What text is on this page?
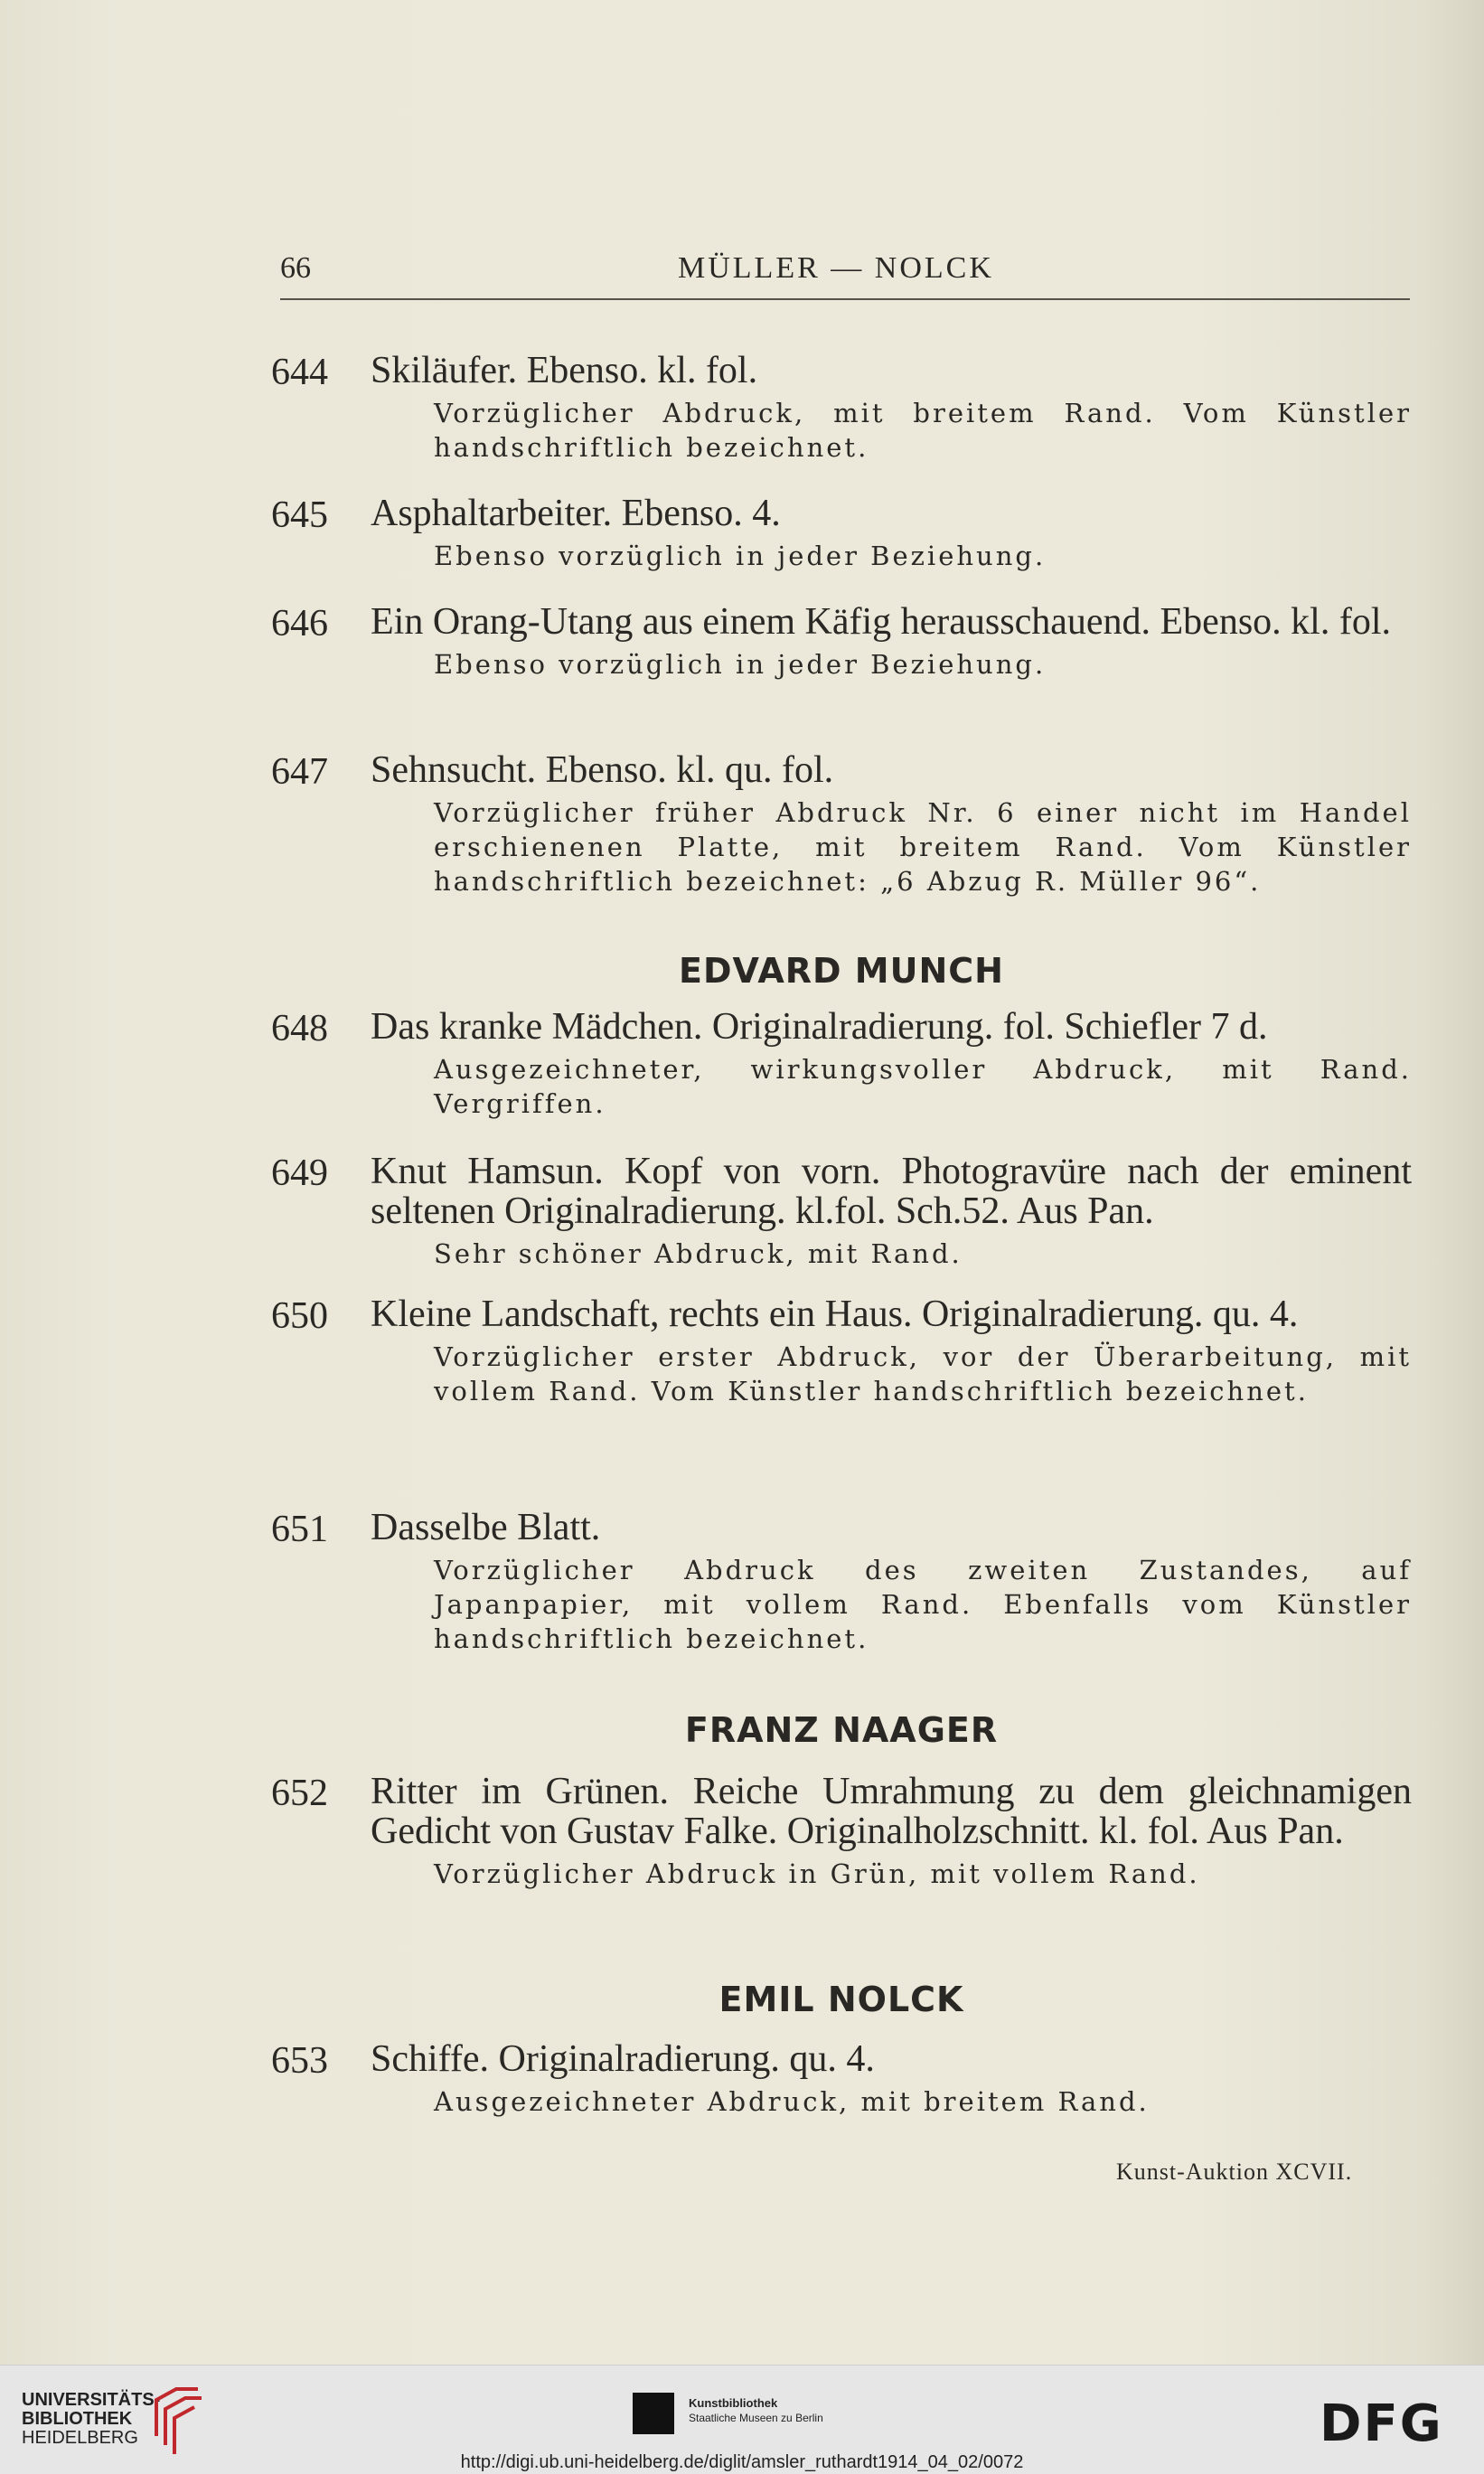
66	MÜLLER — NOLCK
644 Skiläufer. Ebenso. kl. fol.
Vorzüglicher Abdruck, mit breitem Rand. Vom Künstler handschriftlich bezeichnet.
645 Asphaltarbeiter. Ebenso. 4.
Ebenso vorzüglich in jeder Beziehung.
646 Ein Orang-Utang aus einem Käfig herausschauend. Ebenso. kl. fol.
Ebenso vorzüglich in jeder Beziehung.
647 Sehnsucht. Ebenso. kl. qu. fol.
Vorzüglicher früher Abdruck Nr. 6 einer nicht im Handel erschienenen Platte, mit breitem Rand. Vom Künstler handschriftlich bezeichnet: „6 Abzug R. Müller 96“.
EDVARD MUNCH
648 Das kranke Mädchen. Originalradierung. fol. Schiefler 7 d.
Ausgezeichneter, wirkungsvoller Abdruck, mit Rand. Vergriffen.
649 Knut Hamsun. Kopf von vorn. Photogravüre nach der eminent seltenen Originalradierung. kl.fol. Sch.52. Aus Pan.
Sehr schöner Abdruck, mit Rand.
650 Kleine Landschaft, rechts ein Haus. Originalradierung. qu. 4.
Vorzüglicher erster Abdruck, vor der Überarbeitung, mit vollem Rand. Vom Künstler handschriftlich bezeichnet.
651 Dasselbe Blatt.
Vorzüglicher Abdruck des zweiten Zustandes, auf Japanpapier, mit vollem Rand. Ebenfalls vom Künstler handschriftlich bezeichnet.
FRANZ NAAGER
652 Ritter im Grünen. Reiche Umrahmung zu dem gleichnamigen Gedicht von Gustav Falke. Originalholzschnitt. kl. fol. Aus Pan.
Vorzüglicher Abdruck in Grün, mit vollem Rand.
EMIL NOLCK
653 Schiffe. Originalradierung. qu. 4.
Ausgezeichneter Abdruck, mit breitem Rand.
Kunst-Auktion XCVII.
UNIVERSITÄTS-
BIBLIOTHEK
HEIDELBERG
Kunstbibliothek
Staatliche Museen zu Berlin	DFG
http://digi.ub.uni-heidelberg.de/diglit/amsler_ruthardt1914_04_02/0072
